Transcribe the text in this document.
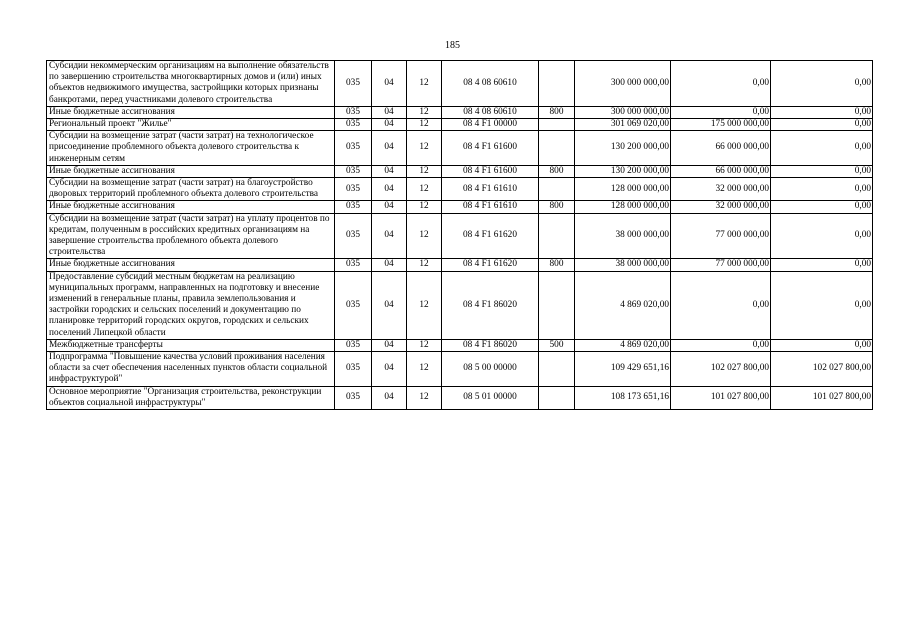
185
Субсидии некоммерческим организациям на выполнение обязательств по завершению строительства многоквартирных домов и (или) иных объектов недвижимого имущества, застройщики которых признаны банкротами, перед участниками долевого строительства	035	04	12	08 4 08 60610		300 000 000,00	0,00	0,00
Иные бюджетные ассигнования	035	04	12	08 4 08 60610	800	300 000 000,00	0,00	0,00
Региональный проект "Жилье"	035	04	12	08 4 F1 00000		301 069 020,00	175 000 000,00	0,00
Субсидии на возмещение затрат (части затрат) на технологическое присоединение проблемного объекта долевого строительства к инженерным сетям	035	04	12	08 4 F1 61600		130 200 000,00	66 000 000,00	0,00
Иные бюджетные ассигнования	035	04	12	08 4 F1 61600	800	130 200 000,00	66 000 000,00	0,00
Субсидии на возмещение затрат (части затрат) на благоустройство дворовых территорий проблемного объекта долевого строительства	035	04	12	08 4 F1 61610		128 000 000,00	32 000 000,00	0,00
Иные бюджетные ассигнования	035	04	12	08 4 F1 61610	800	128 000 000,00	32 000 000,00	0,00
Субсидии на возмещение затрат (части затрат) на уплату процентов по кредитам, полученным в российских кредитных организациям на завершение строительства проблемного объекта долевого строительства	035	04	12	08 4 F1 61620		38 000 000,00	77 000 000,00	0,00
Иные бюджетные ассигнования	035	04	12	08 4 F1 61620	800	38 000 000,00	77 000 000,00	0,00
Предоставление субсидий местным бюджетам на реализацию муниципальных программ, направленных на подготовку и внесение изменений в генеральные планы, правила землепользования и застройки городских и сельских поселений и документацию по планировке территорий городских округов, городских и сельских поселений Липецкой области	035	04	12	08 4 F1 86020		4 869 020,00	0,00	0,00
Межбюджетные трансферты	035	04	12	08 4 F1 86020	500	4 869 020,00	0,00	0,00
Подпрограмма "Повышение качества условий проживания населения области за счет обеспечения населенных пунктов области социальной инфраструктурой"	035	04	12	08 5 00 00000		109 429 651,16	102 027 800,00	102 027 800,00
Основное мероприятие "Организация строительства, реконструкции объектов социальной инфраструктуры"	035	04	12	08 5 01 00000		108 173 651,16	101 027 800,00	101 027 800,00
